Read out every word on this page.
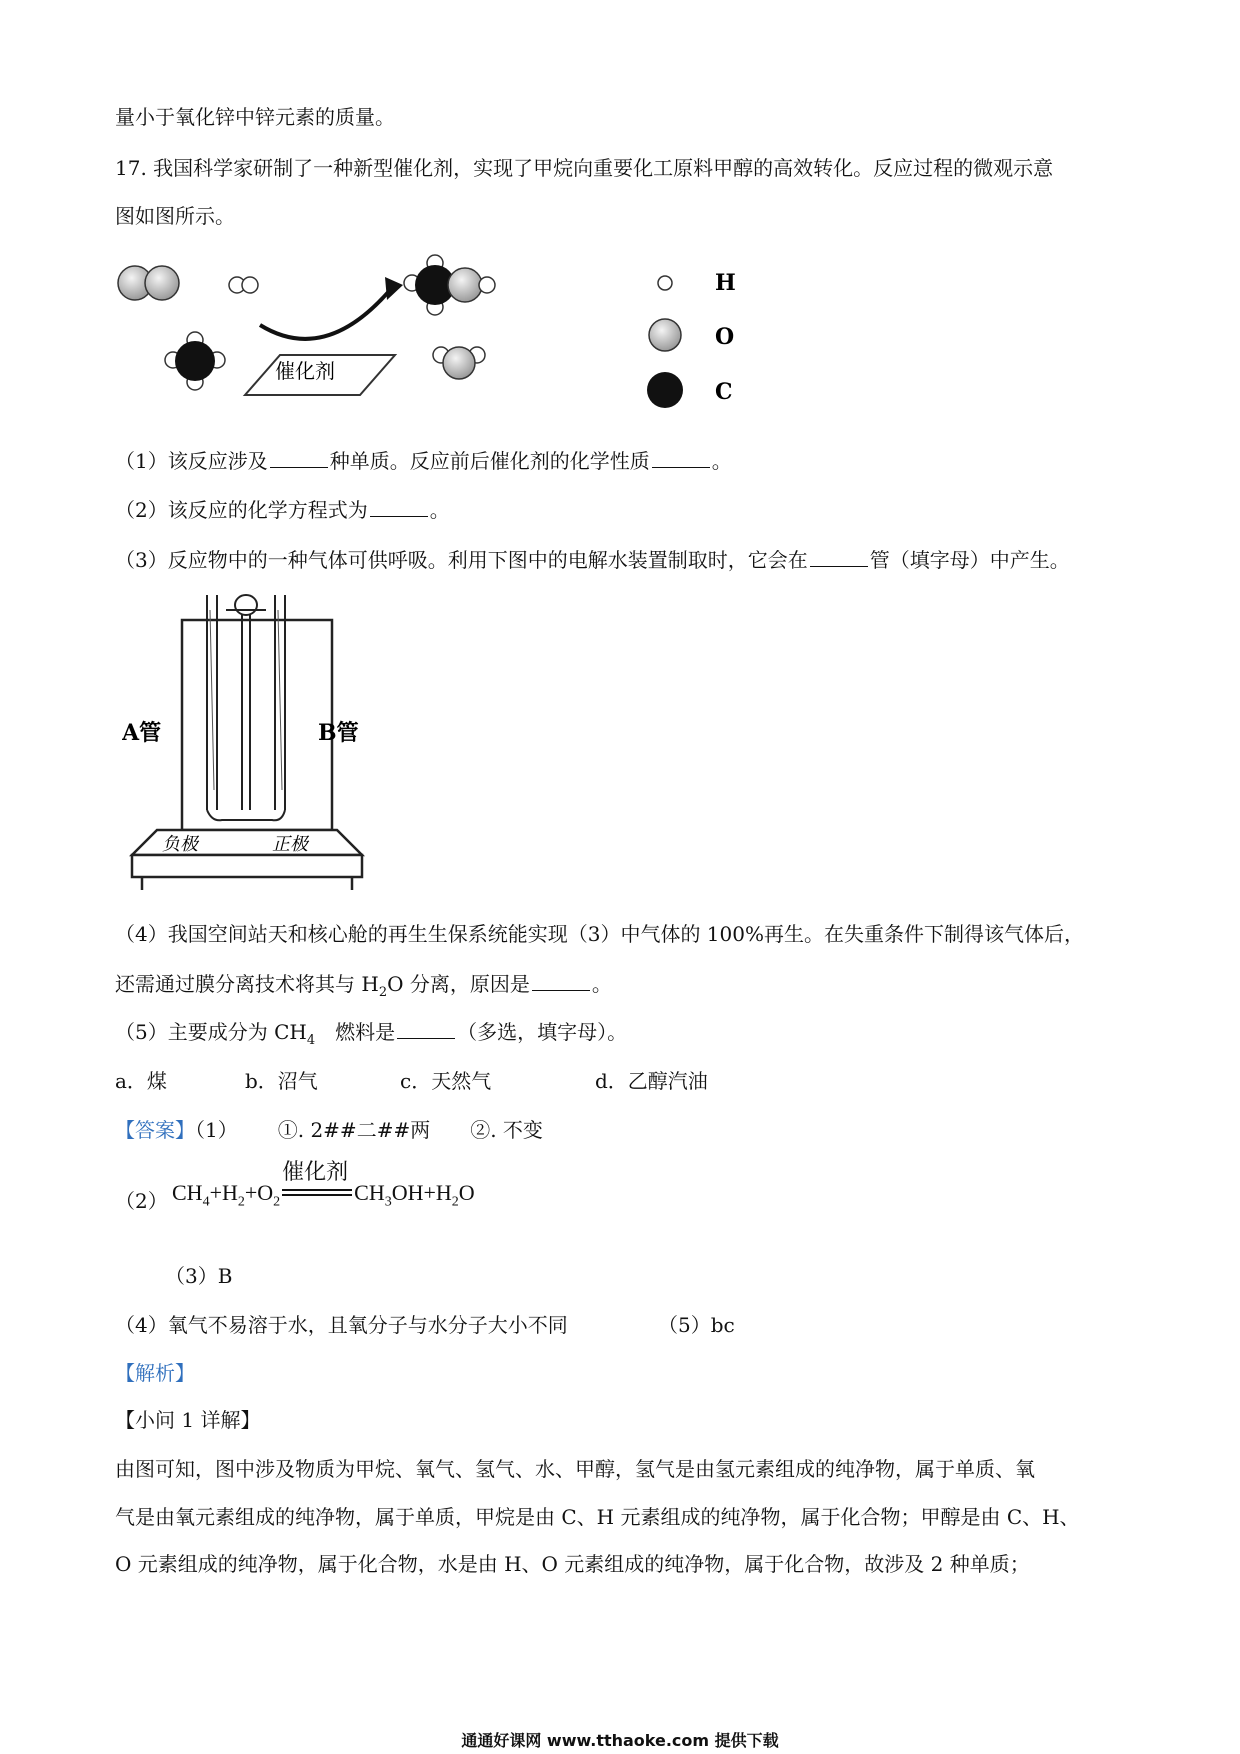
量小于氧化锌中锌元素的质量。
17. 我国科学家研制了一种新型催化剂，实现了甲烷向重要化工原料甲醇的高效转化。反应过程的微观示意
图如图所示。
催化剂
H
O
C
（1）该反应涉及	种单质。反应前后催化剂的化学性质	。
（2）该反应的化学方程式为	。
（3）反应物中的一种气体可供呼吸。利用下图中的电解水装置制取时，它会在	管（填字母）中产生。
负极	正极
A管	B管
（4）我国空间站天和核心舱的再生生保系统能实现（3）中气体的 100%再生。在失重条件下制得该气体后，
还需通过膜分离技术将其与 $H_2O$ 分离，原因是	。
（5）主要成分为 $CH_4$　燃料是	（多选，填字母）。
a．煤	b．沼气	c．天然气	d．乙醇汽油
【答案】（1） ①. 2##二##两 ②. 不变
（2） $CH_4+H_2+O_2$
催化剂
$CH_3OH+H_2O$
（3）B
（4）氧气不易溶于水，且氧分子与水分子大小不同	（5）bc
【解析】
【小问 1 详解】
由图可知，图中涉及物质为甲烷、氧气、氢气、水、甲醇，氢气是由氢元素组成的纯净物，属于单质、氧
气是由氧元素组成的纯净物，属于单质，甲烷是由 C、H 元素组成的纯净物，属于化合物；甲醇是由 C、H、
O 元素组成的纯净物，属于化合物，水是由 H、O 元素组成的纯净物，属于化合物，故涉及 2 种单质；
通通好课网 www.tthaoke.com 提供下载
